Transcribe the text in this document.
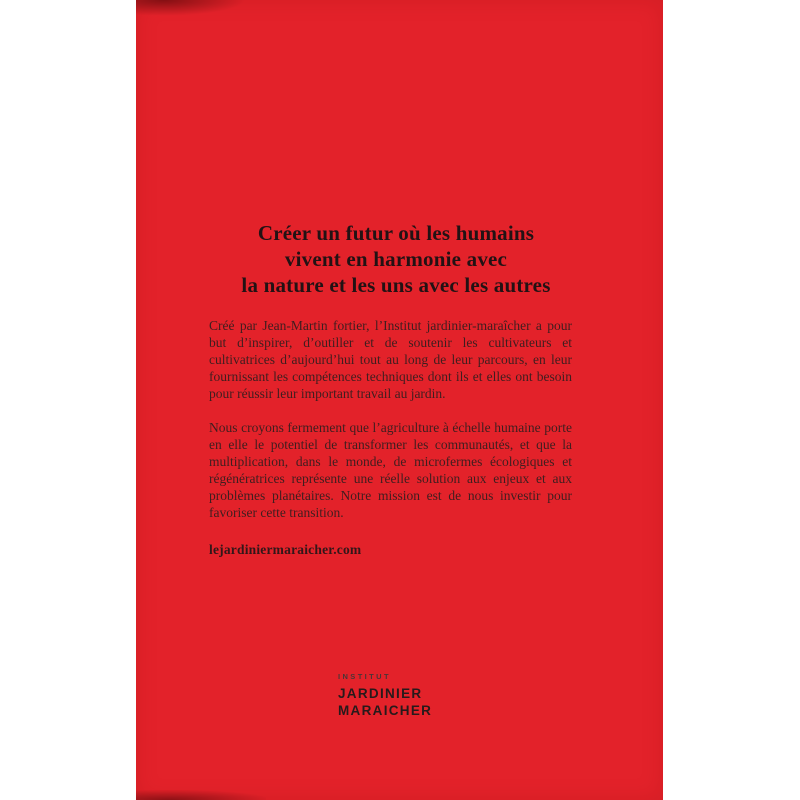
Créer un futur où les humains
vivent en harmonie avec
la nature et les uns avec les autres

Créé par Jean-Martin fortier, l’Institut jardinier-maraîcher a pour but d’inspirer, d’outiller et de soutenir les cultivateurs et cultivatrices d’aujourd’hui tout au long de leur parcours, en leur fournissant les compétences techniques dont ils et elles ont besoin pour réussir leur important travail au jardin.

Nous croyons fermement que l’agriculture à échelle humaine porte en elle le potentiel de transformer les communautés, et que la multiplication, dans le monde, de microfermes écologiques et régénératrices représente une réelle solution aux enjeux et aux problèmes planétaires. Notre mission est de nous investir pour favoriser cette transition.

lejardiniermaraicher.com

INSTITUT
JARDINIER
MARAICHER
